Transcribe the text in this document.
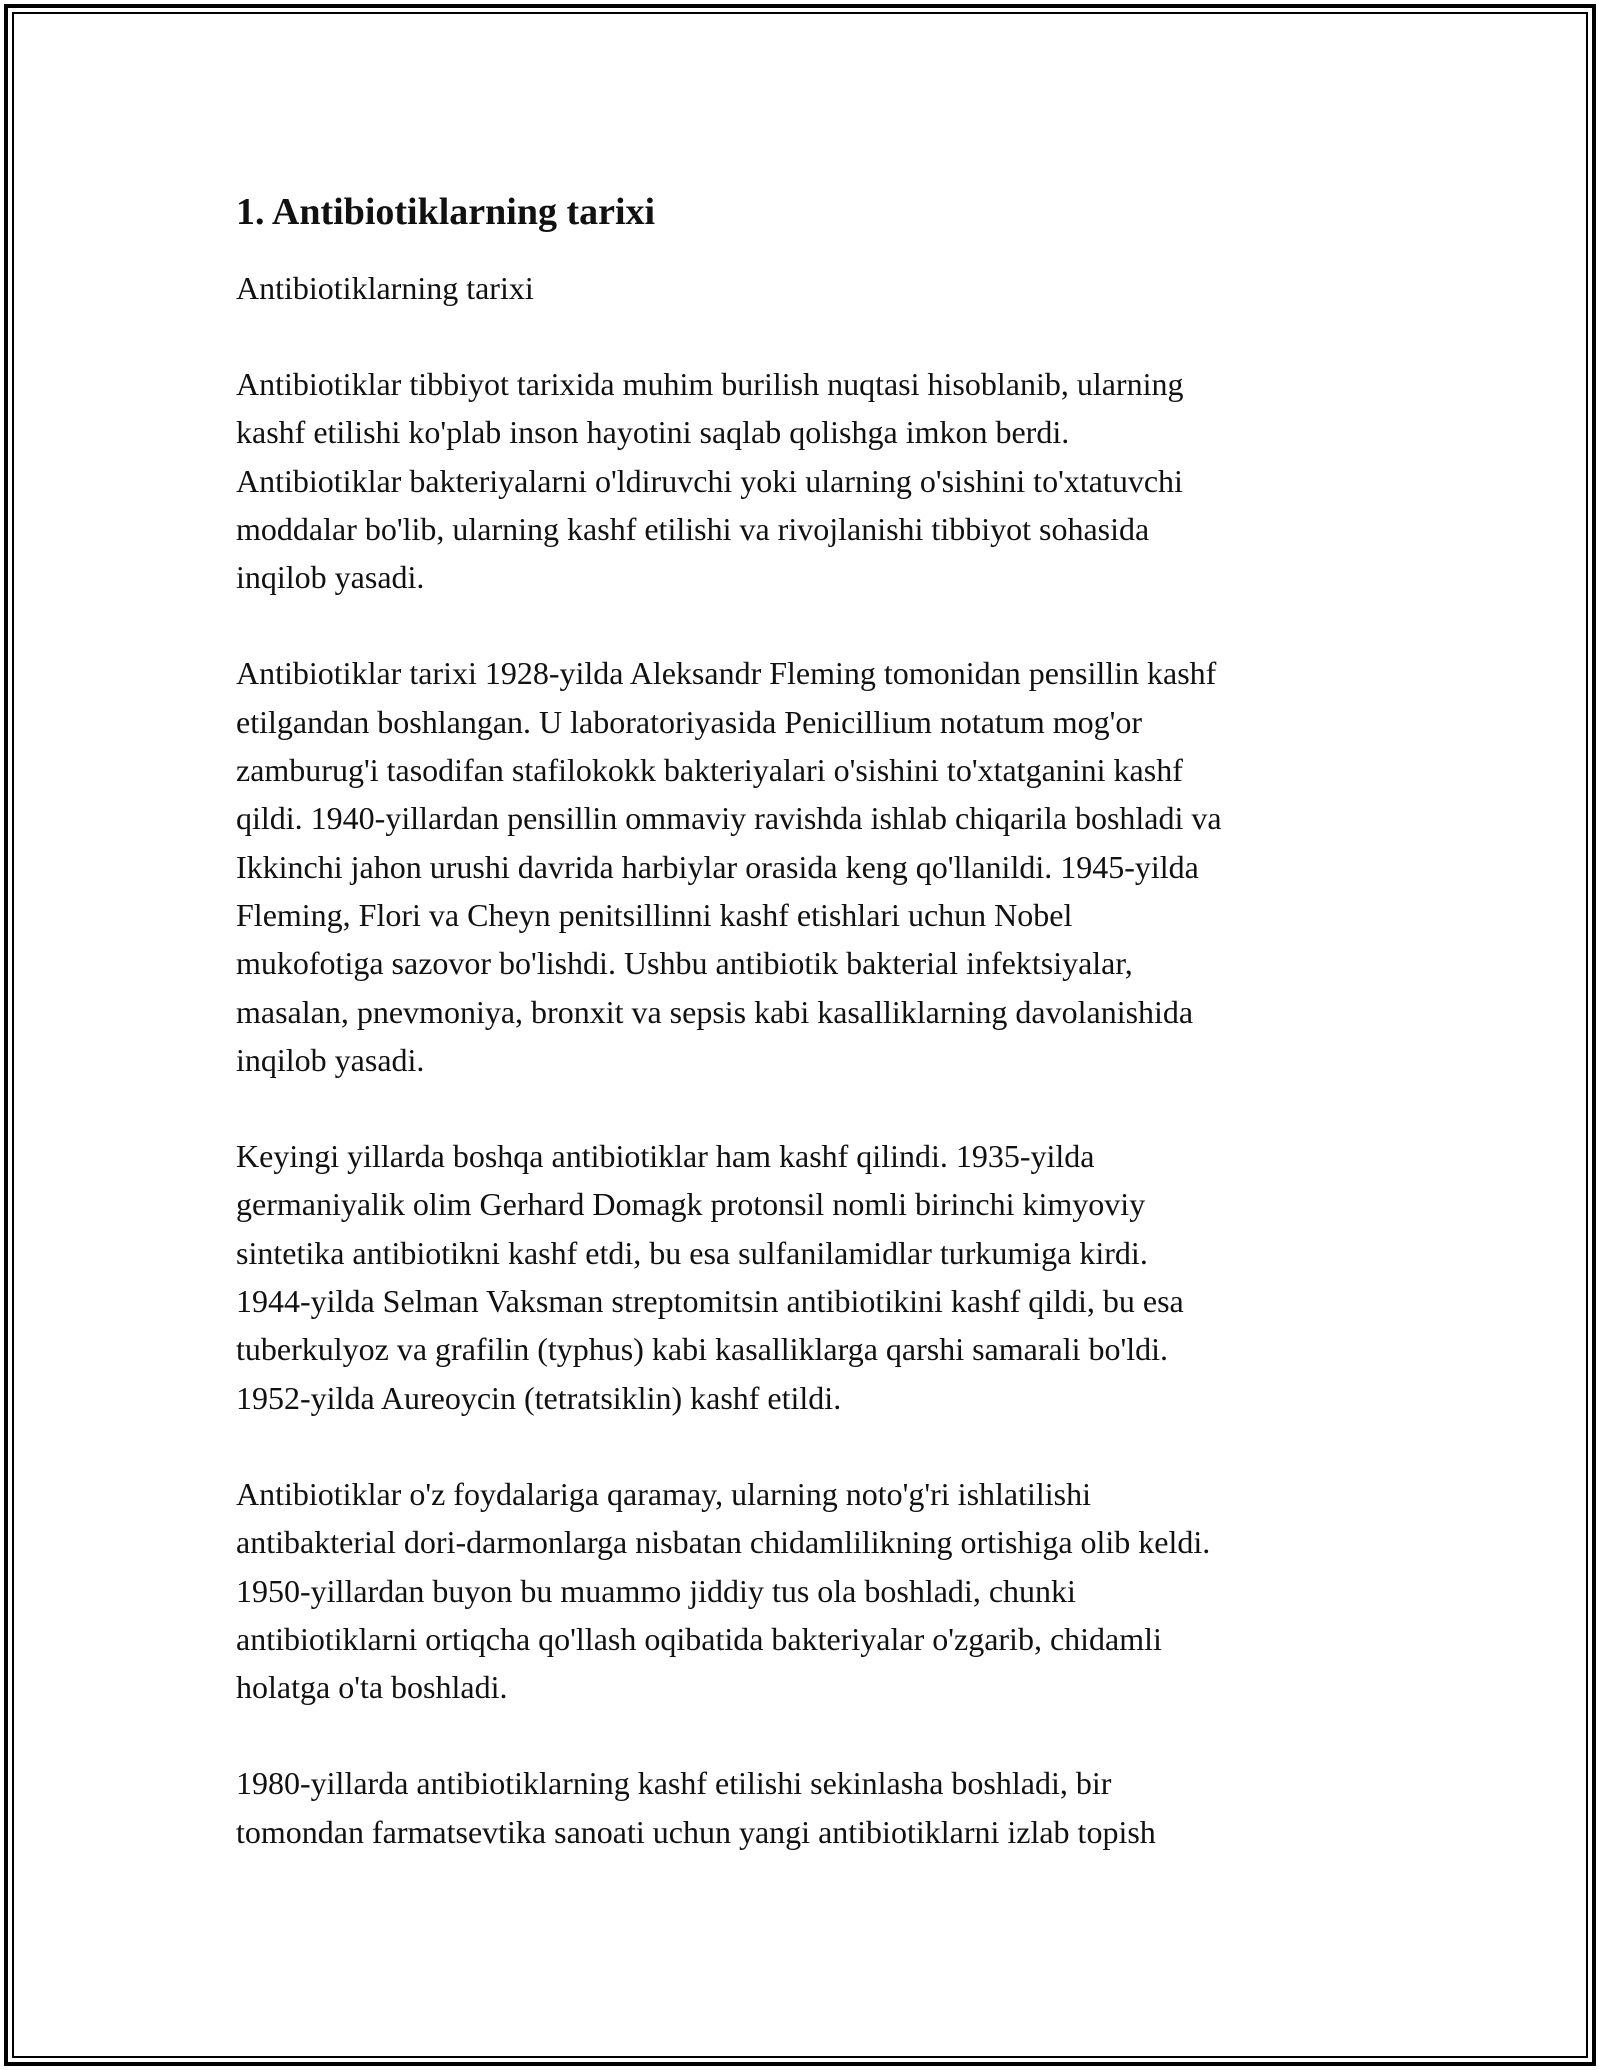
1. Antibiotiklarning tarixi
Antibiotiklarning tarixi

Antibiotiklar tibbiyot tarixida muhim burilish nuqtasi hisoblanib, ularning
kashf etilishi ko'plab inson hayotini saqlab qolishga imkon berdi.
Antibiotiklar bakteriyalarni o'ldiruvchi yoki ularning o'sishini to'xtatuvchi
moddalar bo'lib, ularning kashf etilishi va rivojlanishi tibbiyot sohasida
inqilob yasadi.

Antibiotiklar tarixi 1928-yilda Aleksandr Fleming tomonidan pensillin kashf
etilgandan boshlangan. U laboratoriyasida Penicillium notatum mog'or
zamburug'i tasodifan stafilokokk bakteriyalari o'sishini to'xtatganini kashf
qildi. 1940-yillardan pensillin ommaviy ravishda ishlab chiqarila boshladi va
Ikkinchi jahon urushi davrida harbiylar orasida keng qo'llanildi. 1945-yilda
Fleming, Flori va Cheyn penitsillinni kashf etishlari uchun Nobel
mukofotiga sazovor bo'lishdi. Ushbu antibiotik bakterial infektsiyalar,
masalan, pnevmoniya, bronxit va sepsis kabi kasalliklarning davolanishida
inqilob yasadi.

Keyingi yillarda boshqa antibiotiklar ham kashf qilindi. 1935-yilda
germaniyalik olim Gerhard Domagk protonsil nomli birinchi kimyoviy
sintetika antibiotikni kashf etdi, bu esa sulfanilamidlar turkumiga kirdi.
1944-yilda Selman Vaksman streptomitsin antibiotikini kashf qildi, bu esa
tuberkulyoz va grafilin (typhus) kabi kasalliklarga qarshi samarali bo'ldi.
1952-yilda Aureoycin (tetratsiklin) kashf etildi.

Antibiotiklar o'z foydalariga qaramay, ularning noto'g'ri ishlatilishi
antibakterial dori-darmonlarga nisbatan chidamlilikning ortishiga olib keldi.
1950-yillardan buyon bu muammo jiddiy tus ola boshladi, chunki
antibiotiklarni ortiqcha qo'llash oqibatida bakteriyalar o'zgarib, chidamli
holatga o'ta boshladi.

1980-yillarda antibiotiklarning kashf etilishi sekinlasha boshladi, bir
tomondan farmatsevtika sanoati uchun yangi antibiotiklarni izlab topish
